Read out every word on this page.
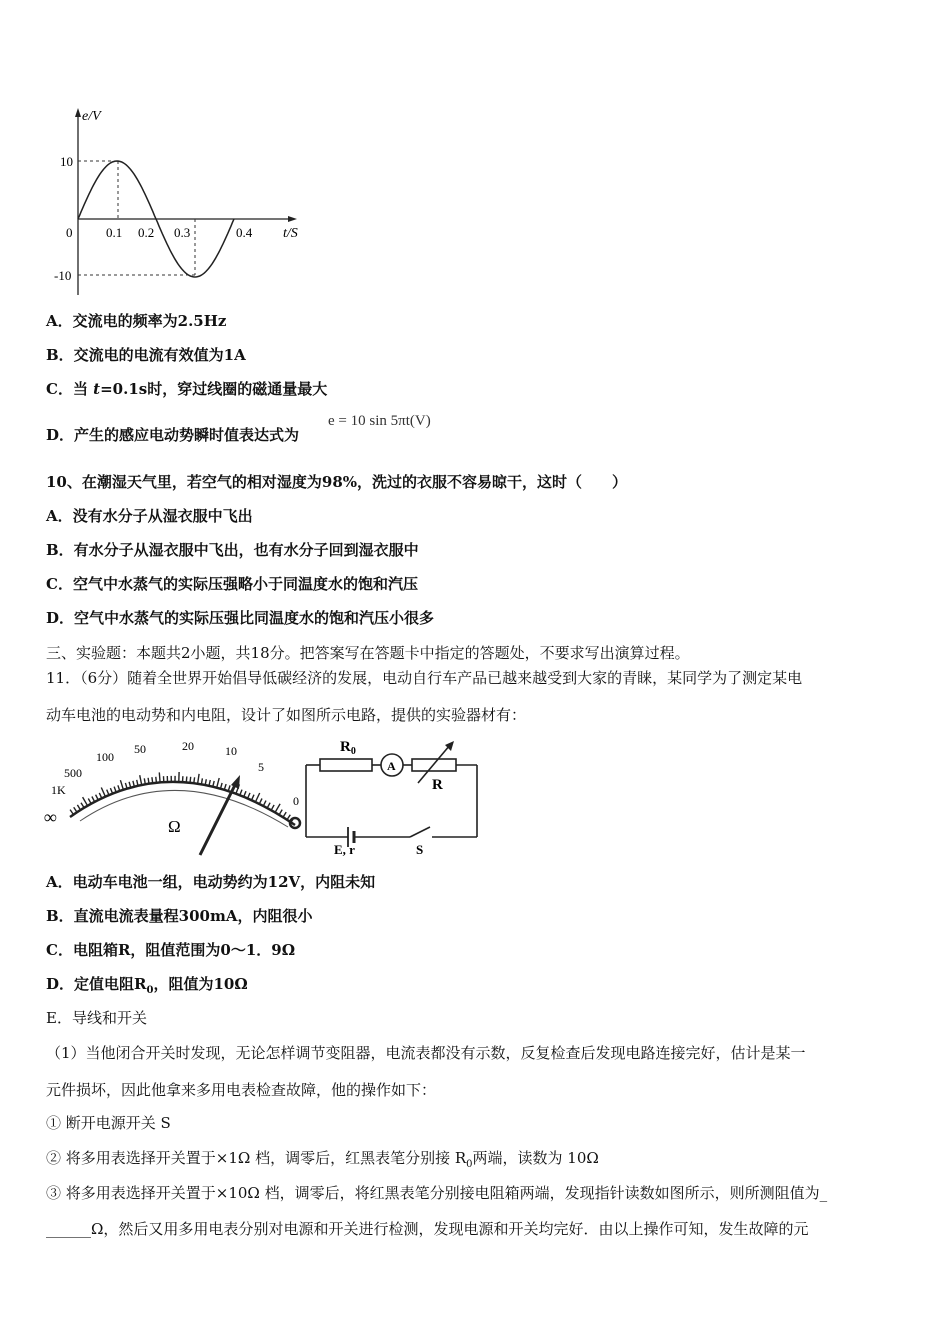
e/V
t/S
0
10
-10
0.1 0.2 0.3	0.4
A．交流电的频率为2.5Hz
B．交流电的电流有效值为1A
C．当 t=0.1s时，穿过线圈的磁通量最大
D．产生的感应电动势瞬时值表达式为
e = 10 sin 5πt(V)
10、在潮湿天气里，若空气的相对湿度为98%，洗过的衣服不容易晾干，这时（　　）
A．没有水分子从湿衣服中飞出
B．有水分子从湿衣服中飞出，也有水分子回到湿衣服中
C．空气中水蒸气的实际压强略小于同温度水的饱和汽压
D．空气中水蒸气的实际压强比同温度水的饱和汽压小很多
三、实验题：本题共2小题，共18分。把答案写在答题卡中指定的答题处，不要求写出演算过程。
11．（6分）随着全世界开始倡导低碳经济的发展，电动自行车产品已越来越受到大家的青睐，某同学为了测定某电
动车电池的电动势和内电阻，设计了如图所示电路，提供的实验器材有：
∞
1K
500
100
50	20	10
5
0
Ω
$R_0$
A
R
E, r	S
A．电动车电池一组，电动势约为12V，内阻未知
B．直流电流表量程300mA，内阻很小
C．电阻箱R，阻值范围为0～1．9Ω
D．定值电阻$R_0$，阻值为10Ω
E．导线和开关
（1）当他闭合开关时发现，无论怎样调节变阻器，电流表都没有示数，反复检查后发现电路连接完好，估计是某一
元件损坏，因此他拿来多用电表检查故障，他的操作如下：
① 断开电源开关 S
② 将多用表选择开关置于×1Ω 档，调零后，红黑表笔分别接 $R_0$两端，读数为 10Ω
③ 将多用表选择开关置于×10Ω 档，调零后，将红黑表笔分别接电阻箱两端，发现指针读数如图所示，则所测阻值为_
______Ω，然后又用多用电表分别对电源和开关进行检测，发现电源和开关均完好．由以上操作可知，发生故障的元
